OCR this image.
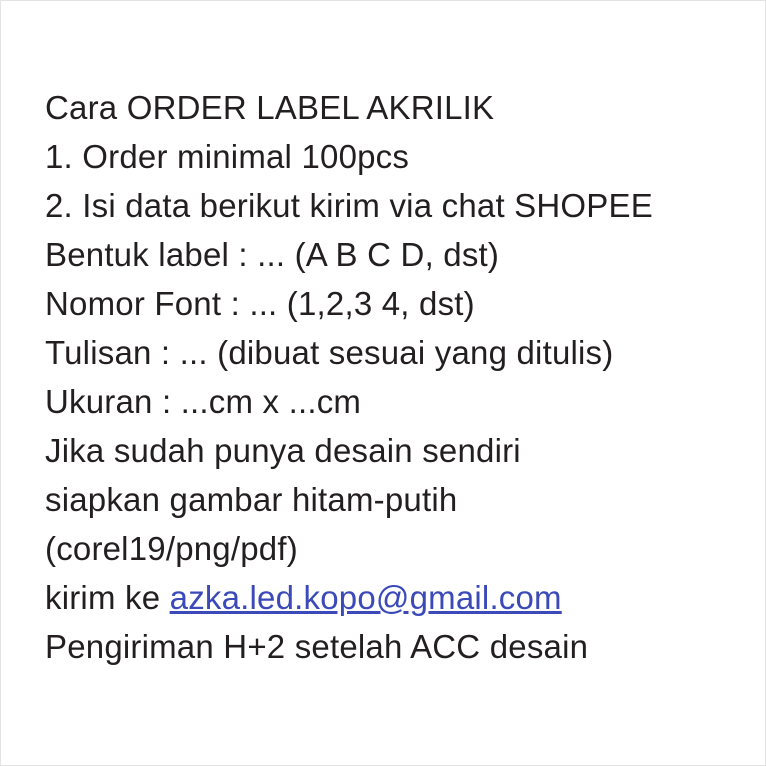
Cara ORDER LABEL AKRILIK
1. Order minimal 100pcs
2. Isi data berikut kirim via chat SHOPEE
Bentuk label : ... (A B C D, dst)
Nomor Font : ... (1,2,3 4, dst)
Tulisan : ... (dibuat sesuai yang ditulis)
Ukuran : ...cm x ...cm
Jika sudah punya desain sendiri
siapkan gambar hitam-putih
(corel19/png/pdf)
kirim ke azka.led.kopo@gmail.com
Pengiriman H+2 setelah ACC desain
